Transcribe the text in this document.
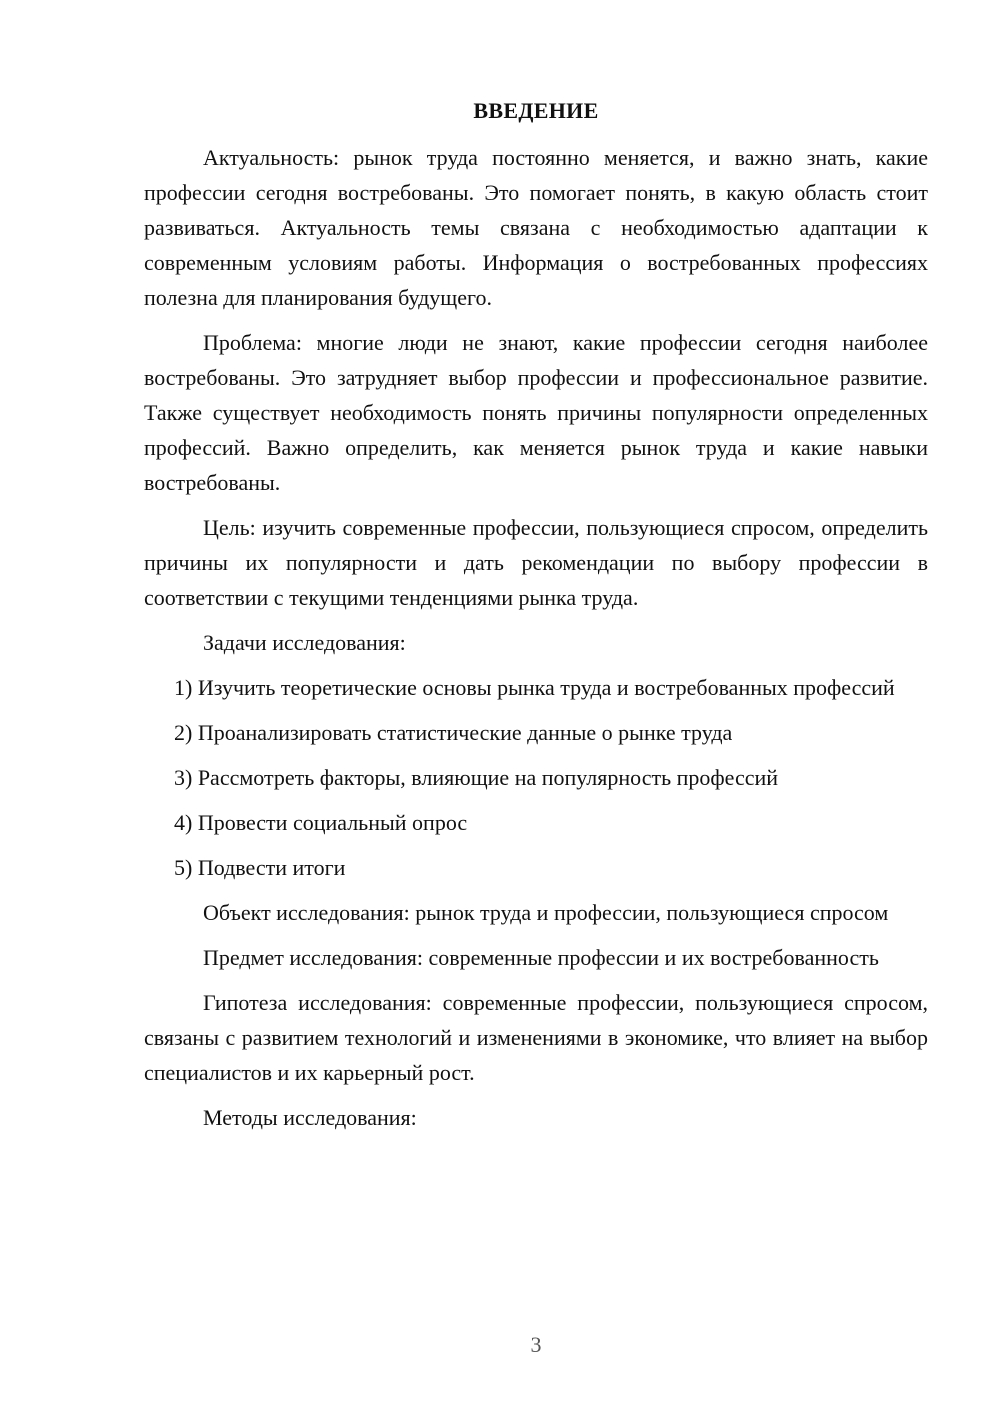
ВВЕДЕНИЕ

Актуальность: рынок труда постоянно меняется, и важно знать, какие профессии сегодня востребованы. Это помогает понять, в какую область стоит развиваться. Актуальность темы связана с необходимостью адаптации к современным условиям работы. Информация о востребованных профессиях полезна для планирования будущего.

Проблема: многие люди не знают, какие профессии сегодня наиболее востребованы. Это затрудняет выбор профессии и профессиональное развитие. Также существует необходимость понять причины популярности определенных профессий. Важно определить, как меняется рынок труда и какие навыки востребованы.

Цель: изучить современные профессии, пользующиеся спросом, определить причины их популярности и дать рекомендации по выбору профессии в соответствии с текущими тенденциями рынка труда.

Задачи исследования:

1) Изучить теоретические основы рынка труда и востребованных профессий

2) Проанализировать статистические данные о рынке труда

3) Рассмотреть факторы, влияющие на популярность профессий

4) Провести социальный опрос

5) Подвести итоги

Объект исследования: рынок труда и профессии, пользующиеся спросом

Предмет исследования: современные профессии и их востребованность

Гипотеза исследования: современные профессии, пользующиеся спросом, связаны с развитием технологий и изменениями в экономике, что влияет на выбор специалистов и их карьерный рост.

Методы исследования:

3
